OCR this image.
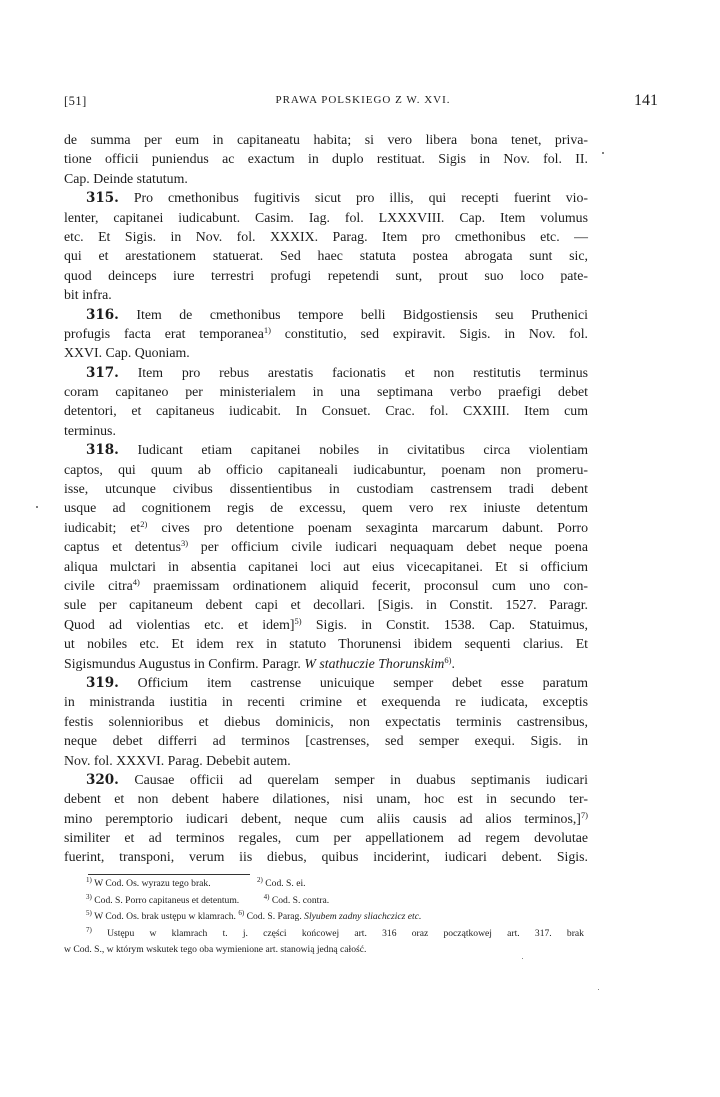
[51]	PRAWA POLSKIEGO Z W. XVI.	141
de summa per eum in capitaneatu habita; si vero libera bona tenet, priva-
tione officii puniendus ac exactum in duplo restituat. Sigis in Nov. fol. II.
Cap. Deinde statutum.
315. Pro cmethonibus fugitivis sicut pro illis, qui recepti fuerint vio-
lenter, capitanei iudicabunt. Casim. Iag. fol. LXXXVIII. Cap. Item volumus
etc. Et Sigis. in Nov. fol. XXXIX. Parag. Item pro cmethonibus etc. —
qui et arestationem statuerat. Sed haec statuta postea abrogata sunt sic,
quod deinceps iure terrestri profugi repetendi sunt, prout suo loco pate-
bit infra.
316. Item de cmethonibus tempore belli Bidgostiensis seu Pruthenici
profugis facta erat temporanea$^{1)}$ constitutio, sed expiravit. Sigis. in Nov. fol.
XXVI. Cap. Quoniam.
317. Item pro rebus arestatis facionatis et non restitutis terminus
coram capitaneo per ministerialem in una septimana verbo praefigi debet
detentori, et capitaneus iudicabit. In Consuet. Crac. fol. CXXIII. Item cum
terminus.
318. Iudicant etiam capitanei nobiles in civitatibus circa violentiam
captos, qui quum ab officio capitaneali iudicabuntur, poenam non promeru-
isse, utcunque civibus dissentientibus in custodiam castrensem tradi debent
usque ad cognitionem regis de excessu, quem vero rex iniuste detentum
iudicabit; $et^{2)}$ cives pro detentione poenam sexaginta marcarum dabunt. Porro
captus et detentus$^{3)}$ per officium civile iudicari nequaquam debet neque poena
aliqua mulctari in absentia capitanei loci aut eius vicecapitanei. Et si officium
civile citra$^{4)}$ praemissam ordinationem aliquid fecerit, proconsul cum uno con-
sule per capitaneum debent capi et decollari. [Sigis. in Constit. 1527. Paragr.
Quod ad violentias etc. et idem]$^{5)}$ Sigis. in Constit. 1538. Cap. Statuimus,
ut nobiles etc. Et idem rex in statuto Thorunensi ibidem sequenti clarius. Et
Sigismundus Augustus in Confirm. Paragr. W stathuczie Thorunskim$^{6)}$.
319. Officium item castrense unicuique semper debet esse paratum
in ministranda iustitia in recenti crimine et exequenda re iudicata, exceptis
festis solennioribus et diebus dominicis, non expectatis terminis castrensibus,
neque debet differri ad terminos [castrenses, sed semper exequi. Sigis. in
Nov. fol. XXXVI. Parag. Debebit autem.
320. Causae officii ad querelam semper in duabus septimanis iudicari
debent et non debent habere dilationes, nisi unam, hoc est in secundo ter-
mino peremptorio iudicari debent, neque cum aliis causis ad alios terminos,]$^{7)}$
similiter et ad terminos regales, cum per appellationem ad regem devolutae
fuerint, transponi, verum iis diebus, quibus inciderint, iudicari debent. Sigis.
$^{1)}$ W Cod. Os. wyrazu tego brak.	$^{2)}$ Cod. S. ei.
$^{3)}$ Cod. S. Porro capitaneus et detentum.	$^{4)}$ Cod. S. contra.
$^{5)}$ W Cod. Os. brak ustępu w klamrach. $^{6)}$ Cod. S. Parag. Slyubem zadny sliachczicz etc.
$^{7)}$ Ustępu w klamrach t. j. części końcowej art. 316 oraz początkowej art. 317. brak
w Cod. S., w którym wskutek tego oba wymienione art. stanowią jedną całość.
